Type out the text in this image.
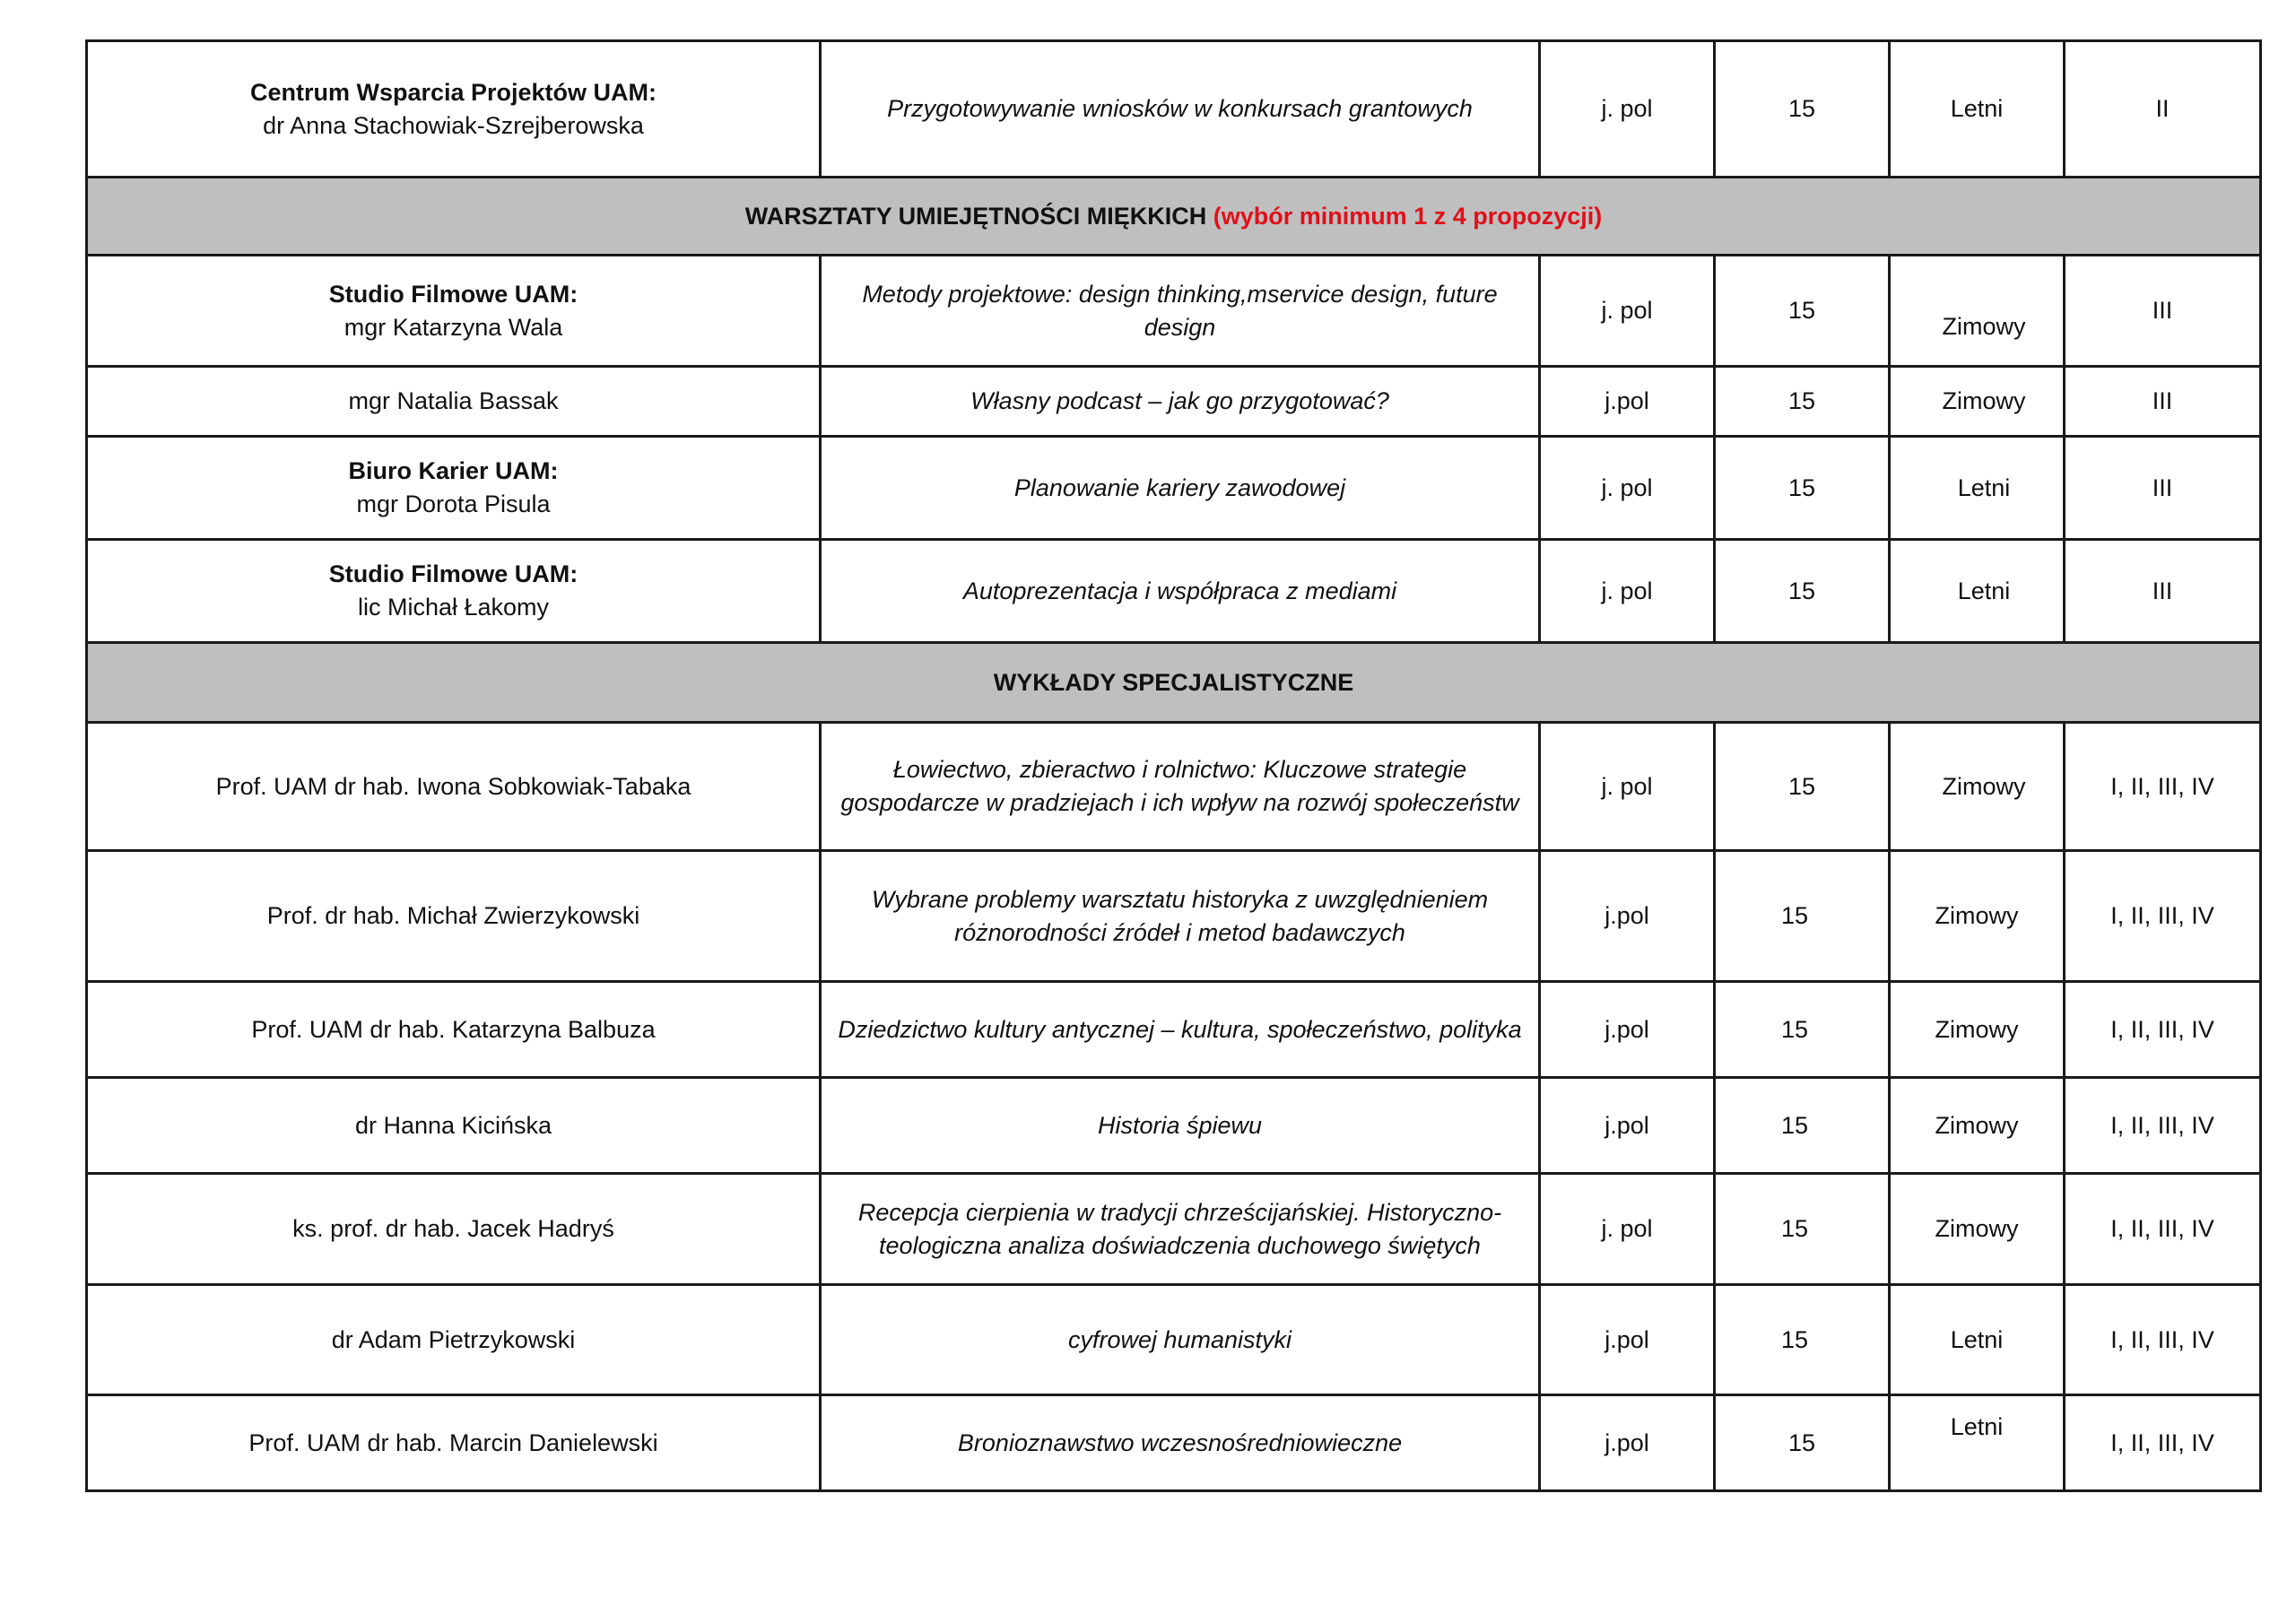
Centrum Wsparcia Projektów UAM:
dr Anna Stachowiak-Szrejberowska	Przygotowywanie wniosków w konkursach grantowych	j. pol	15	Letni	II
WARSZTATY UMIEJĘTNOŚCI MIĘKKICH (wybór minimum 1 z 4 propozycji)					

Studio Filmowe UAM:
mgr Katarzyna Wala	Metody projektowe: design thinking,mservice design, future design	j. pol	15	Zimowy	III

mgr Natalia Bassak	Własny podcast – jak go przygotować?	j.pol	15	Zimowy	III

Biuro Karier UAM:
mgr Dorota Pisula	Planowanie kariery zawodowej	j. pol	15	Letni	III

Studio Filmowe UAM:
lic Michał Łakomy	Autoprezentacja i współpraca z mediami	j. pol	15	Letni	III
WYKŁADY SPECJALISTYCZNE					

Prof. UAM dr hab. Iwona Sobkowiak-Tabaka	Łowiectwo, zbieractwo i rolnictwo: Kluczowe strategie gospodarcze w pradziejach i ich wpływ na rozwój społeczeństw	j. pol	15	Zimowy	I, II, III, IV

Prof. dr hab. Michał Zwierzykowski	Wybrane problemy warsztatu historyka z uwzględnieniem różnorodności źródeł i metod badawczych	j.pol	15	Zimowy	I, II, III, IV

Prof. UAM dr hab. Katarzyna Balbuza	Dziedzictwo kultury antycznej – kultura, społeczeństwo, polityka	j.pol	15	Zimowy	I, II, III, IV

dr Hanna Kicińska	Historia śpiewu	j.pol	15	Zimowy	I, II, III, IV

ks. prof. dr hab. Jacek Hadryś	Recepcja cierpienia w tradycji chrześcijańskiej. Historyczno-teologiczna analiza doświadczenia duchowego świętych	j. pol	15	Zimowy	I, II, III, IV

dr Adam Pietrzykowski	cyfrowej humanistyki	j.pol	15	Letni	I, II, III, IV

Prof. UAM dr hab. Marcin Danielewski	Bronioznawstwo wczesnośredniowieczne	j.pol	15	Letni	I, II, III, IV
